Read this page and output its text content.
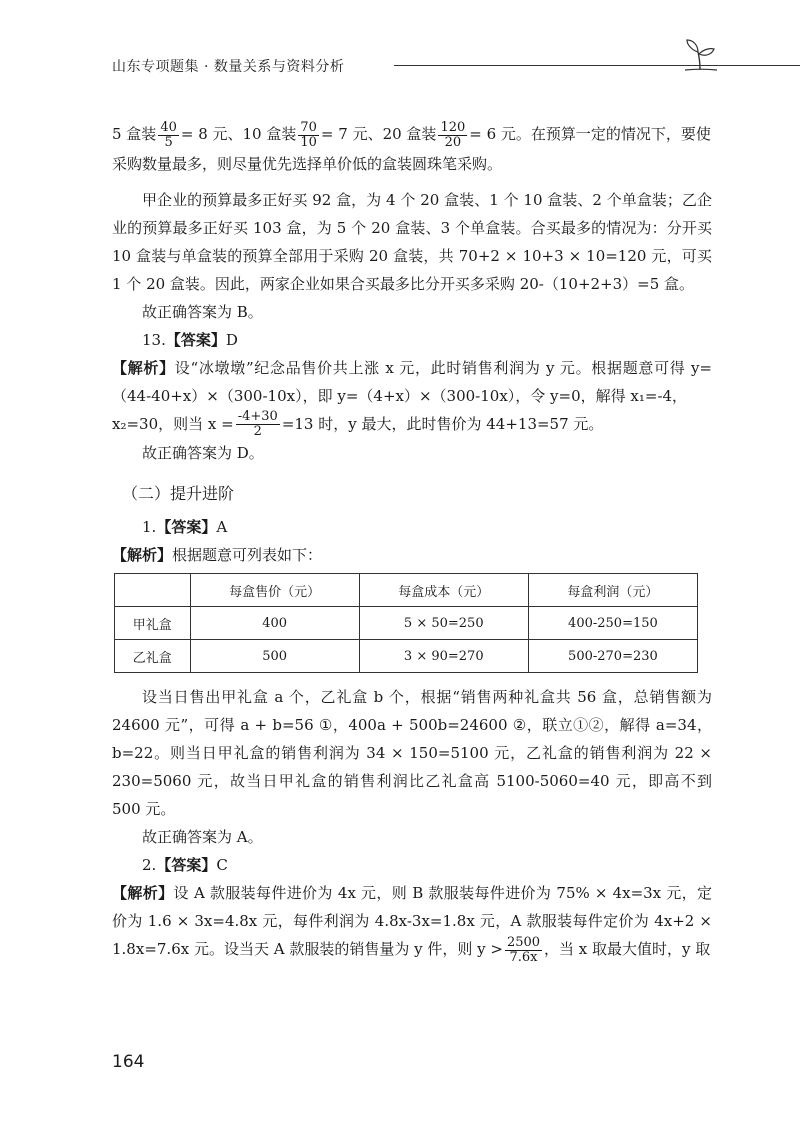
山东专项题集 · 数量关系与资料分析

5 盒装 $\frac{40}{5} = 8$ 元、10 盒装 $\frac{70}{10} = 7$ 元、20 盒装 $\frac{120}{20} = 6$ 元。在预算一定的情况下，要使

采购数量最多，则尽量优先选择单价低的盒装圆珠笔采购。

甲企业的预算最多正好买 92 盒，为 4 个 20 盒装、1 个 10 盒装、2 个单盒装；乙企业的预算最多正好买 103 盒，为 5 个 20 盒装、3 个单盒装。合买最多的情况为：分开买 10 盒装与单盒装的预算全部用于采购 20 盒装，共 70+2 × 10+3 × 10=120 元，可买 1 个 20 盒装。因此，两家企业如果合买最多比分开买多采购 20-（10+2+3）=5 盒。

故正确答案为 B。

13.【答案】D

【解析】设“冰墩墩”纪念品售价共上涨 x 元，此时销售利润为 y 元。根据题意可得 y=（44-40+x）×（300-10x），即 y=（4+x）×（300-10x），令 y=0，解得 x₁=-4，

x₂=30，则当 $x = \frac{-4+30}{2} =13$ 时，y 最大，此时售价为 44+13=57 元。

故正确答案为 D。

（二）提升进阶

1.【答案】A

【解析】根据题意可列表如下：

	每盒售价（元）	每盒成本（元）	每盒利润（元）
甲礼盒	400	5 × 50=250	400-250=150
乙礼盒	500	3 × 90=270	500-270=230

设当日售出甲礼盒 a 个，乙礼盒 b 个，根据“销售两种礼盒共 56 盒，总销售额为 24600 元”，可得 a + b=56 ①，400a + 500b=24600 ②，联立①②，解得 a=34，b=22。则当日甲礼盒的销售利润为 34 × 150=5100 元，乙礼盒的销售利润为 22 × 230=5060 元，故当日甲礼盒的销售利润比乙礼盒高 5100-5060=40 元，即高不到 500 元。

故正确答案为 A。

2.【答案】C

【解析】设 A 款服装每件进价为 4x 元，则 B 款服装每件进价为 75% × 4x=3x 元，定价为 1.6 × 3x=4.8x 元，每件利润为 4.8x-3x=1.8x 元，A 款服装每件定价为 4x+2 × 1.8x=7.6x 元。设当天 A 款服装的销售量为 y 件，则 $y > \frac{2500}{7.6x}$ ，当 x 取最大值时，y 取

164
